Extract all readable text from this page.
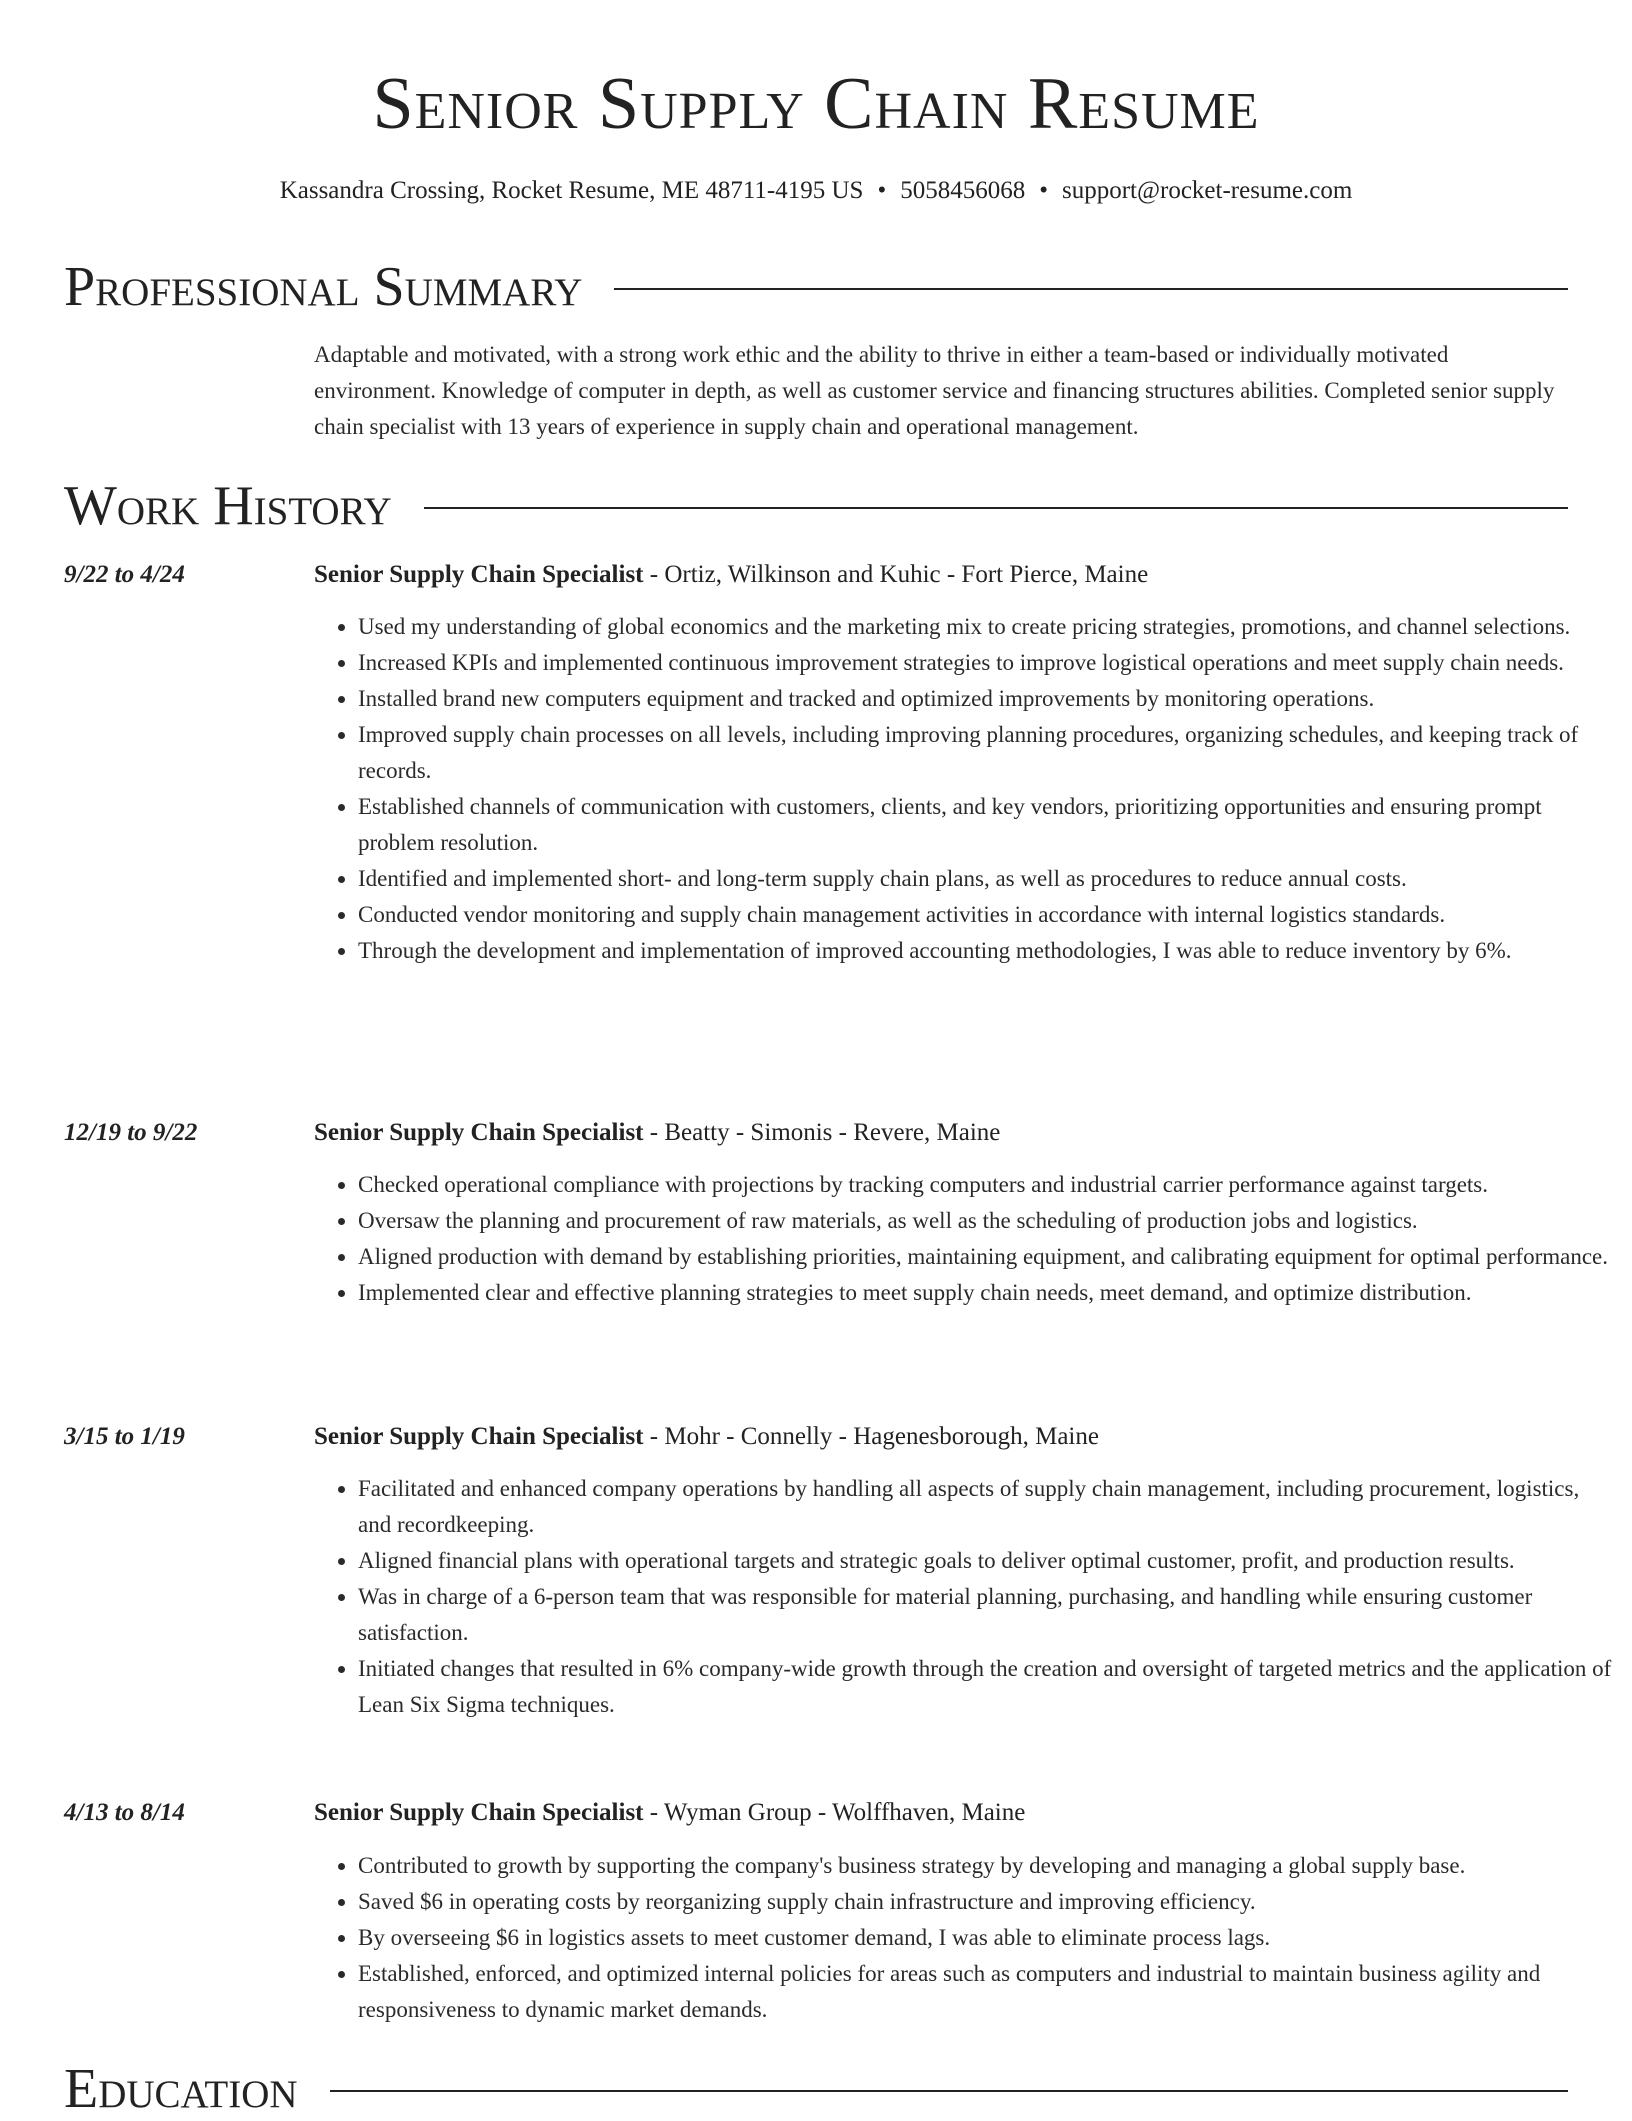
Senior Supply Chain Resume
Kassandra Crossing, Rocket Resume, ME 48711-4195 US • 5058456068 • support@rocket-resume.com
Professional Summary
Adaptable and motivated, with a strong work ethic and the ability to thrive in either a team-based or individually motivated environment. Knowledge of computer in depth, as well as customer service and financing structures abilities. Completed senior supply chain specialist with 13 years of experience in supply chain and operational management.
Work History
9/22 to 4/24	Senior Supply Chain Specialist - Ortiz, Wilkinson and Kuhic - Fort Pierce, Maine
• Used my understanding of global economics and the marketing mix to create pricing strategies, promotions, and channel selections.
• Increased KPIs and implemented continuous improvement strategies to improve logistical operations and meet supply chain needs.
• Installed brand new computers equipment and tracked and optimized improvements by monitoring operations.
• Improved supply chain processes on all levels, including improving planning procedures, organizing schedules, and keeping track of records.
• Established channels of communication with customers, clients, and key vendors, prioritizing opportunities and ensuring prompt problem resolution.
• Identified and implemented short- and long-term supply chain plans, as well as procedures to reduce annual costs.
• Conducted vendor monitoring and supply chain management activities in accordance with internal logistics standards.
• Through the development and implementation of improved accounting methodologies, I was able to reduce inventory by 6%.
12/19 to 9/22	Senior Supply Chain Specialist - Beatty - Simonis - Revere, Maine
• Checked operational compliance with projections by tracking computers and industrial carrier performance against targets.
• Oversaw the planning and procurement of raw materials, as well as the scheduling of production jobs and logistics.
• Aligned production with demand by establishing priorities, maintaining equipment, and calibrating equipment for optimal performance.
• Implemented clear and effective planning strategies to meet supply chain needs, meet demand, and optimize distribution.
3/15 to 1/19	Senior Supply Chain Specialist - Mohr - Connelly - Hagenesborough, Maine
• Facilitated and enhanced company operations by handling all aspects of supply chain management, including procurement, logistics, and recordkeeping.
• Aligned financial plans with operational targets and strategic goals to deliver optimal customer, profit, and production results.
• Was in charge of a 6-person team that was responsible for material planning, purchasing, and handling while ensuring customer satisfaction.
• Initiated changes that resulted in 6% company-wide growth through the creation and oversight of targeted metrics and the application of Lean Six Sigma techniques.
4/13 to 8/14	Senior Supply Chain Specialist - Wyman Group - Wolffhaven, Maine
• Contributed to growth by supporting the company's business strategy by developing and managing a global supply base.
• Saved $6 in operating costs by reorganizing supply chain infrastructure and improving efficiency.
• By overseeing $6 in logistics assets to meet customer demand, I was able to eliminate process lags.
• Established, enforced, and optimized internal policies for areas such as computers and industrial to maintain business agility and responsiveness to dynamic market demands.
Education
